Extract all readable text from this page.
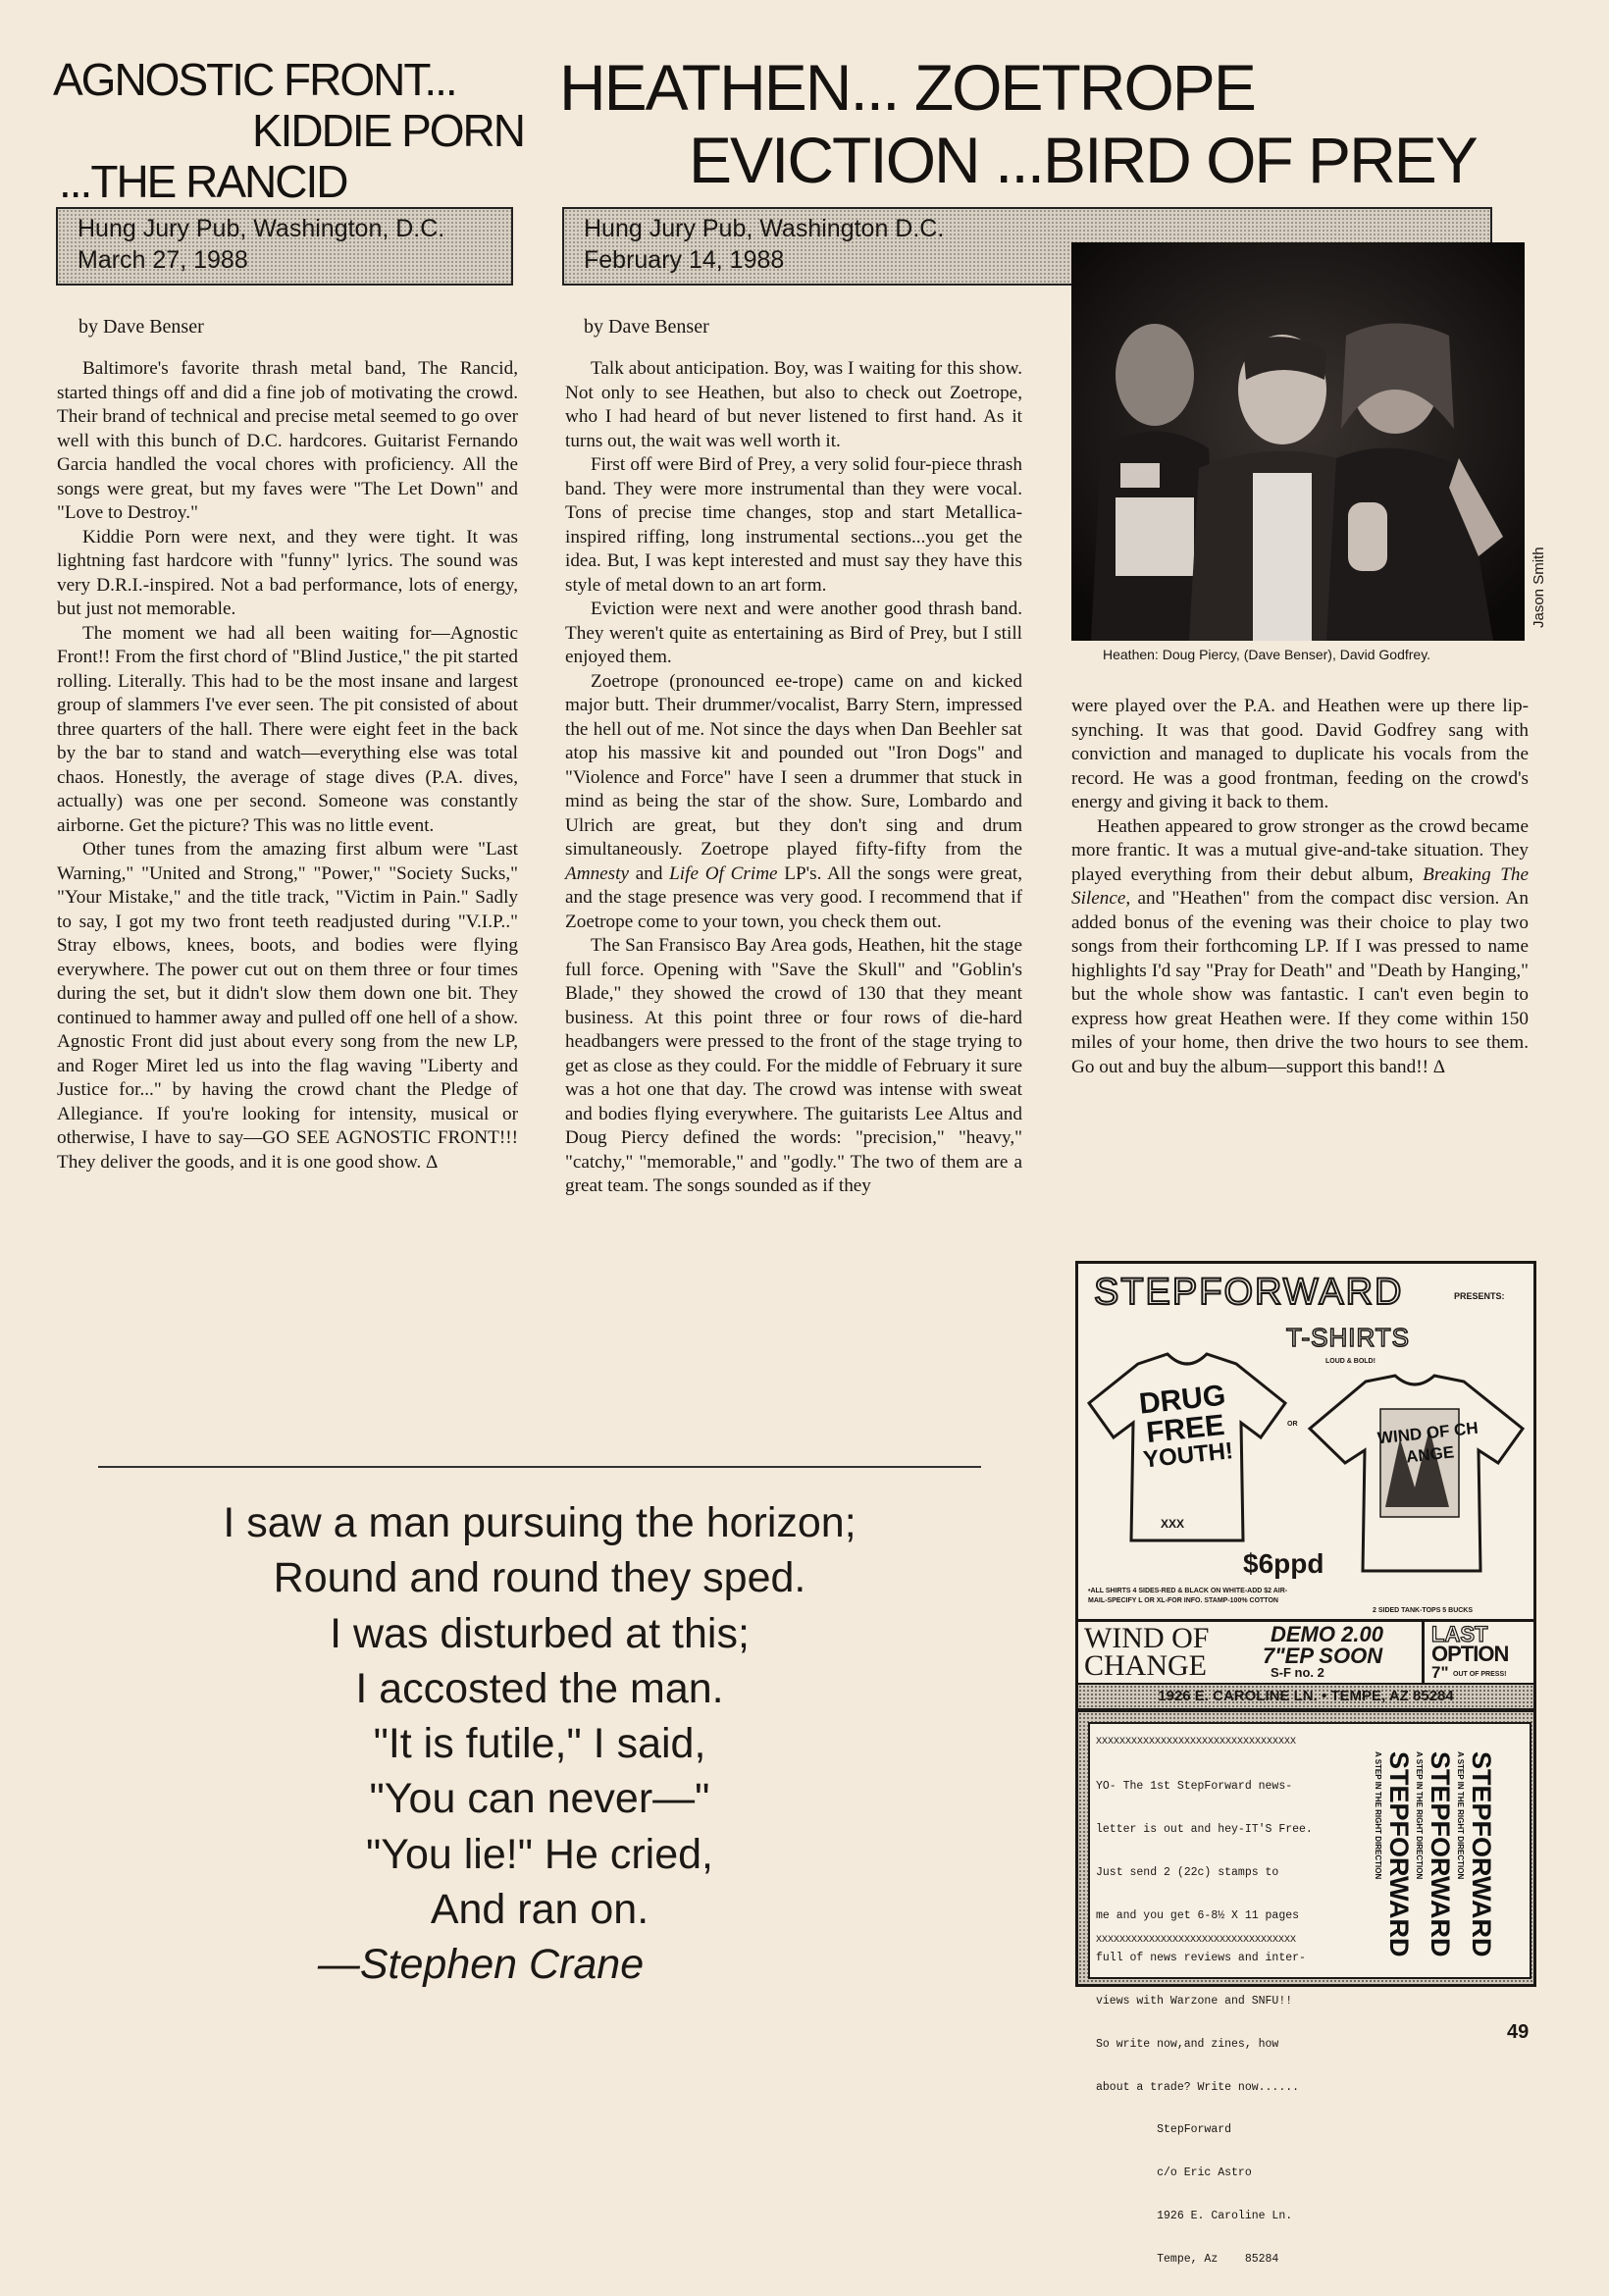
AGNOSTIC FRONT...
KIDDIE PORN
...THE RANCID
HEATHEN... ZOETROPE
EVICTION ...BIRD OF PREY
Hung Jury Pub, Washington, D.C.
March 27, 1988
Hung Jury Pub, Washington D.C.
February 14, 1988
by Dave Benser	by Dave Benser

Baltimore's favorite thrash metal band, The Rancid, started things off and did a fine job of motivating the crowd. Their brand of technical and precise metal seemed to go over well with this bunch of D.C. hardcores. Guitarist Fernando Garcia handled the vocal chores with proficiency. All the songs were great, but my faves were "The Let Down" and "Love to Destroy."

Kiddie Porn were next, and they were tight. It was lightning fast hardcore with "funny" lyrics. The sound was very D.R.I.-inspired. Not a bad performance, lots of energy, but just not memorable.

The moment we had all been waiting for—Agnostic Front!! From the first chord of "Blind Justice," the pit started rolling. Literally. This had to be the most insane and largest group of slammers I've ever seen. The pit consisted of about three quarters of the hall. There were eight feet in the back by the bar to stand and watch—everything else was total chaos. Honestly, the average of stage dives (P.A. dives, actually) was one per second. Someone was constantly airborne. Get the picture? This was no little event.

Other tunes from the amazing first album were "Last Warning," "United and Strong," "Power," "Society Sucks," "Your Mistake," and the title track, "Victim in Pain." Sadly to say, I got my two front teeth readjusted during "V.I.P.." Stray elbows, knees, boots, and bodies were flying everywhere. The power cut out on them three or four times during the set, but it didn't slow them down one bit. They continued to hammer away and pulled off one hell of a show. Agnostic Front did just about every song from the new LP, and Roger Miret led us into the flag waving "Liberty and Justice for..." by having the crowd chant the Pledge of Allegiance. If you're looking for intensity, musical or otherwise, I have to say—GO SEE AGNOSTIC FRONT!!! They deliver the goods, and it is one good show. Δ

Talk about anticipation. Boy, was I waiting for this show. Not only to see Heathen, but also to check out Zoetrope, who I had heard of but never listened to first hand. As it turns out, the wait was well worth it.

First off were Bird of Prey, a very solid four-piece thrash band. They were more instrumental than they were vocal. Tons of precise time changes, stop and start Metallica-inspired riffing, long instrumental sections...you get the idea. But, I was kept interested and must say they have this style of metal down to an art form.

Eviction were next and were another good thrash band. They weren't quite as entertaining as Bird of Prey, but I still enjoyed them.

Zoetrope (pronounced ee-trope) came on and kicked major butt. Their drummer/vocalist, Barry Stern, impressed the hell out of me. Not since the days when Dan Beehler sat atop his massive kit and pounded out "Iron Dogs" and "Violence and Force" have I seen a drummer that stuck in mind as being the star of the show. Sure, Lombardo and Ulrich are great, but they don't sing and drum simultaneously. Zoetrope played fifty-fifty from the Amnesty and Life Of Crime LP's. All the songs were great, and the stage presence was very good. I recommend that if Zoetrope come to your town, you check them out.

The San Fransisco Bay Area gods, Heathen, hit the stage full force. Opening with "Save the Skull" and "Goblin's Blade," they showed the crowd of 130 that they meant business. At this point three or four rows of die-hard headbangers were pressed to the front of the stage trying to get as close as they could. For the middle of February it sure was a hot one that day. The crowd was intense with sweat and bodies flying everywhere. The guitarists Lee Altus and Doug Piercy defined the words: "precision," "heavy," "catchy," "memorable," and "godly." The two of them are a great team. The songs sounded as if they

Heathen: Doug Piercy, (Dave Benser), David Godfrey.
Jason Smith

were played over the P.A. and Heathen were up there lip-synching. It was that good. David Godfrey sang with conviction and managed to duplicate his vocals from the record. He was a good frontman, feeding on the crowd's energy and giving it back to them.

Heathen appeared to grow stronger as the crowd became more frantic. It was a mutual give-and-take situation. They played everything from their debut album, Breaking The Silence, and "Heathen" from the compact disc version. An added bonus of the evening was their choice to play two songs from their forthcoming LP. If I was pressed to name highlights I'd say "Pray for Death" and "Death by Hanging," but the whole show was fantastic. I can't even begin to express how great Heathen were. If they come within 150 miles of your home, then drive the two hours to see them. Go out and buy the album—support this band!! Δ

I saw a man pursuing the horizon;
Round and round they sped.
I was disturbed at this;
I accosted the man.
"It is futile," I said,
"You can never—"
"You lie!" He cried,
And ran on.
—Stephen Crane
STEPFORWARD	PRESENTS:
T-SHIRTS
LOUD & BOLD!
DRUG
FREE
YOUTH!
XXX
OR	WIND OF CHANGE
$6ppd
•ALL SHIRTS 4 SIDES-RED & BLACK ON WHITE-ADD $2 AIR-
MAIL-SPECIFY L OR XL-FOR INFO. STAMP-100% COTTON
2 SIDED TANK-TOPS 5 BUCKS
WIND OF
CHANGE
DEMO 2.00
7"EP SOON
S-F no. 2
LAST
OPTION
7" OUT OF PRESS!
1926 E. CAROLINE LN. • TEMPE, AZ 85284
XXXXXXXXXXXXXXXXXXXXXXXXXXXXXXXXXX

YO- The 1st StepForward news-

letter is out and hey-IT'S Free.

Just send 2 (22c) stamps to

me and you get 6-8½ X 11 pages

full of news reviews and inter-

views with Warzone and SNFU!!

So write now,and zines, how

about a trade? Write now......

StepForward

c/o Eric Astro

1926 E. Caroline Ln.

Tempe, Az    85284

XXXXXXXXXXXXXXXXXXXXXXXXXXXXXXXXXX	STEPFORWARD
A STEP IN THE RIGHT DIRECTION
STEPFORWARD
A STEP IN THE RIGHT DIRECTION
STEPFORWARD
A STEP IN THE RIGHT DIRECTION
49
